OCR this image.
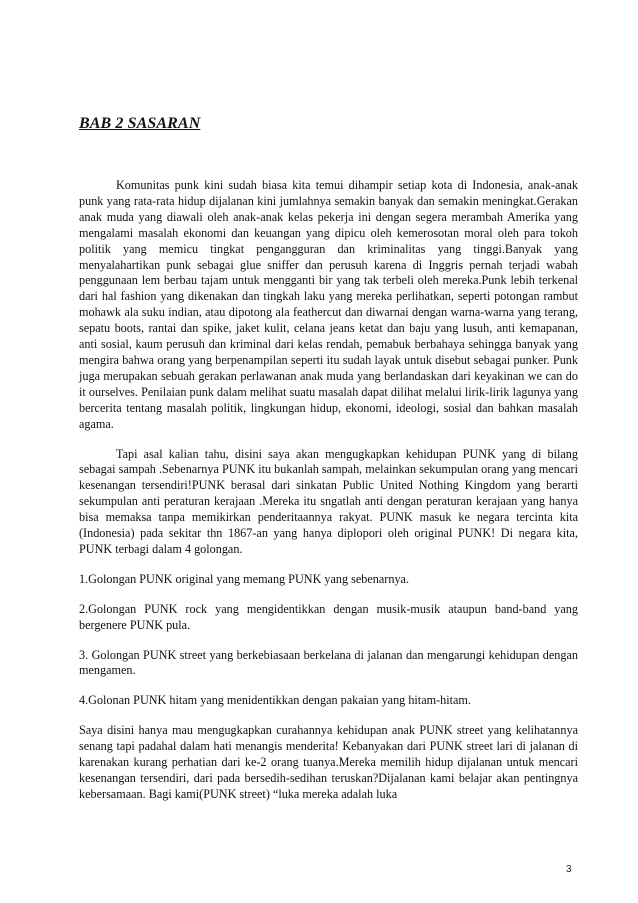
BAB 2 SASARAN

Komunitas punk kini sudah biasa kita temui dihampir setiap kota di Indonesia, anak-anak punk yang rata-rata hidup dijalanan kini jumlahnya semakin banyak dan semakin meningkat.Gerakan anak muda yang diawali oleh anak-anak kelas pekerja ini dengan segera merambah Amerika yang mengalami masalah ekonomi dan keuangan yang dipicu oleh kemerosotan moral oleh para tokoh politik yang memicu tingkat pengangguran dan kriminalitas yang tinggi.Banyak yang menyalahartikan punk sebagai glue sniffer dan perusuh karena di Inggris pernah terjadi wabah penggunaan lem berbau tajam untuk mengganti bir yang tak terbeli oleh mereka.Punk lebih terkenal dari hal fashion yang dikenakan dan tingkah laku yang mereka perlihatkan, seperti potongan rambut mohawk ala suku indian, atau dipotong ala feathercut dan diwarnai dengan warna-warna yang terang, sepatu boots, rantai dan spike, jaket kulit, celana jeans ketat dan baju yang lusuh, anti kemapanan, anti sosial, kaum perusuh dan kriminal dari kelas rendah, pemabuk berbahaya sehingga banyak yang mengira bahwa orang yang berpenampilan seperti itu sudah layak untuk disebut sebagai punker. Punk juga merupakan sebuah gerakan perlawanan anak muda yang berlandaskan dari keyakinan we can do it ourselves. Penilaian punk dalam melihat suatu masalah dapat dilihat melalui lirik-lirik lagunya yang bercerita tentang masalah politik, lingkungan hidup, ekonomi, ideologi, sosial dan bahkan masalah agama.

Tapi asal kalian tahu, disini saya akan mengugkapkan kehidupan PUNK yang di bilang sebagai sampah .Sebenarnya PUNK itu bukanlah sampah, melainkan sekumpulan orang yang mencari kesenangan tersendiri!PUNK berasal dari sinkatan Public United Nothing Kingdom yang berarti sekumpulan anti peraturan kerajaan .Mereka itu sngatlah anti dengan peraturan kerajaan yang hanya bisa memaksa tanpa memikirkan penderitaannya rakyat. PUNK masuk ke negara tercinta kita (Indonesia) pada sekitar thn 1867-an yang hanya diplopori oleh original PUNK! Di negara kita, PUNK terbagi dalam 4 golongan.

1.Golongan PUNK original yang memang PUNK yang sebenarnya.

2.Golongan PUNK rock yang mengidentikkan dengan musik-musik ataupun band-band yang bergenere PUNK pula.

3. Golongan PUNK street yang berkebiasaan berkelana di jalanan dan mengarungi kehidupan dengan mengamen.

4.Golonan PUNK hitam yang menidentikkan dengan pakaian yang hitam-hitam.

Saya disini hanya mau mengugkapkan curahannya kehidupan anak PUNK street yang kelihatannya senang tapi padahal dalam hati menangis menderita! Kebanyakan dari PUNK street lari di jalanan di karenakan kurang perhatian dari ke-2 orang tuanya.Mereka memilih hidup dijalanan untuk mencari kesenangan tersendiri, dari pada bersedih-sedihan teruskan?Dijalanan kami belajar akan pentingnya kebersamaan. Bagi kami(PUNK street) “luka mereka adalah luka

3
